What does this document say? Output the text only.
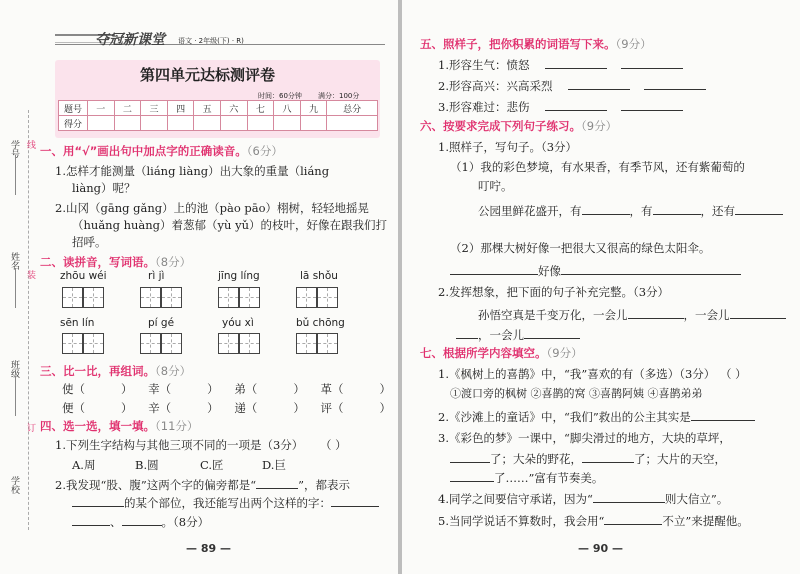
夺冠新课堂 语文 · 2年级(下) · R)
学号
姓名
班级
学校
线
装
订
第四单元达标测评卷
时间：60分钟 满分：100分
题号	一	二	三	四	五	六	七	八	九	总分
得分										
一、用“√”画出句中加点字的正确读音。（6分）
1.怎样才能测量（liáng liàng）出大象的重量（liáng
liàng）呢？
2.山冈（gāng gǎng）上的池（pào pāo）栩树，轻轻地摇晃
（huǎng huàng）着葱郁（yù yǔ）的枝叶，好像在跟我们打
招呼。
二、读拼音，写词语。（8分）
zhōu wéi	rì jì	jīng líng	lā shǒu
sēn lín	pí gé	yóu xì	bǔ chōng
三、比一比，再组词。（8分）
使（	） 幸（	） 弟（	） 革（	）
便（	） 辛（	） 递（	） 评（	）
四、选一选，填一填。（11分）
1.下列生字结构与其他三项不同的一项是（3分） （ ）
A.周	B.圆	C.匠	D.巨
2.我发现“股、腹”这两个字的偏旁都是“	”，都表示
的某个部位，我还能写出两个这样的字：
、	。（8分）
— 89 —
五、照样子，把你积累的词语写下来。（9分）
1.形容生气：愤怒
2.形容高兴：兴高采烈
3.形容难过：悲伤
六、按要求完成下列句子练习。（9分）
1.照样子，写句子。（3分）
（1）我的彩色梦境，有水果香，有季节风，还有紫葡萄的
叮咛。
公园里鲜花盛开，有	，有	，还有
（2）那棵大树好像一把很大又很高的绿色太阳伞。
好像
2.发挥想象，把下面的句子补充完整。（3分）
孙悟空真是千变万化，一会儿	，一会儿
，一会儿
七、根据所学内容填空。（9分）
1.《枫树上的喜鹊》中，“我”喜欢的有（多选）（3分） （ ）
①渡口旁的枫树 ②喜鹊的窝 ③喜鹊阿姨 ④喜鹊弟弟
2.《沙滩上的童话》中，“我们”救出的公主其实是
3.《彩色的梦》一课中，“脚尖滑过的地方，大块的草坪，
了；大朵的野花，	了；大片的天空，
了……”富有节奏美。
4.同学之间要信守承诺，因为“	则大信立”。
5.当同学说话不算数时，我会用“	不立”来提醒他。
— 90 —
